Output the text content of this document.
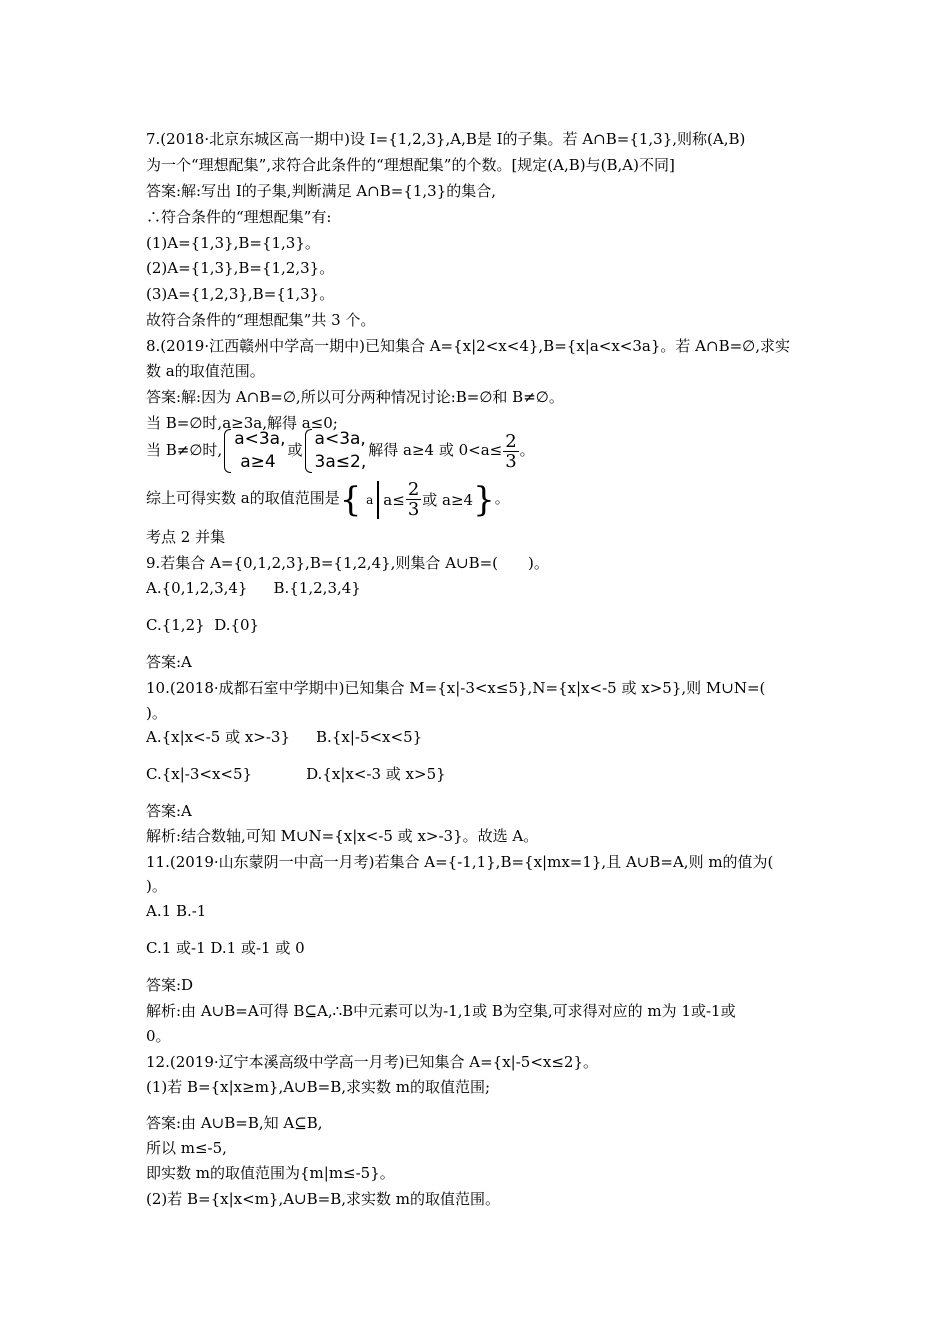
7.(2018·北京东城区高一期中)设 I={1,2,3},A,B是 I的子集。若 A∩B={1,3},则称(A,B)
为一个“理想配集”,求符合此条件的“理想配集”的个数。[规定(A,B)与(B,A)不同]
答案:解:写出 I的子集,判断满足 A∩B={1,3}的集合,
∴符合条件的“理想配集”有:
(1)A={1,3},B={1,3}。
(2)A={1,3},B={1,2,3}。
(3)A={1,2,3},B={1,3}。
故符合条件的“理想配集”共 3 个。
8.(2019·江西赣州中学高一期中)已知集合 A={x|2<x<4},B={x|a<x<3a}。若 A∩B=∅,求实
数 a的取值范围。
答案:解:因为 A∩B=∅,所以可分两种情况讨论:B=∅和 B≠∅。
当 B=∅时,a≥3a,解得 a≤0;
当 B≠∅时,
a<3a,
a≥4
或
a<3a,
3a≤2,
解得 a≥4 或 $0<a\le \frac{2}{3}$ 。
综上可得实数 a的取值范围是{ a $a\le \frac{2}{3}$ 或 a≥4}。
考点 2 并集
9.若集合 A={0,1,2,3},B={1,2,4},则集合 A∪B=(　　)。
A.{0,1,2,3,4} B.{1,2,3,4}
C.{1,2} D.{0}
答案:A
10.(2018·成都石室中学期中)已知集合 M={x|-3<x≤5},N={x|x<-5 或 x>5},则 M∪N=(
)。
A.{x|x<-5 或 x>-3} B.{x|-5<x<5}
C.{x|-3<x<5}	D.{x|x<-3 或 x>5}
答案:A
解析:结合数轴,可知 M∪N={x|x<-5 或 x>-3}。故选 A。
11.(2019·山东蒙阴一中高一月考)若集合 A={-1,1},B={x|mx=1},且 A∪B=A,则 m的值为(
)。
A.1 B.-1
C.1 或-1 D.1 或-1 或 0
答案:D
解析:由 A∪B=A可得 B⊆A,∴B中元素可以为-1,1或 B为空集,可求得对应的 m为 1或-1或
0。
12.(2019·辽宁本溪高级中学高一月考)已知集合 A={x|-5<x≤2}。
(1)若 B={x|x≥m},A∪B=B,求实数 m的取值范围;
答案:由 A∪B=B,知 A⊆B,
所以 m≤-5,
即实数 m的取值范围为{m|m≤-5}。
(2)若 B={x|x<m},A∪B=B,求实数 m的取值范围。
